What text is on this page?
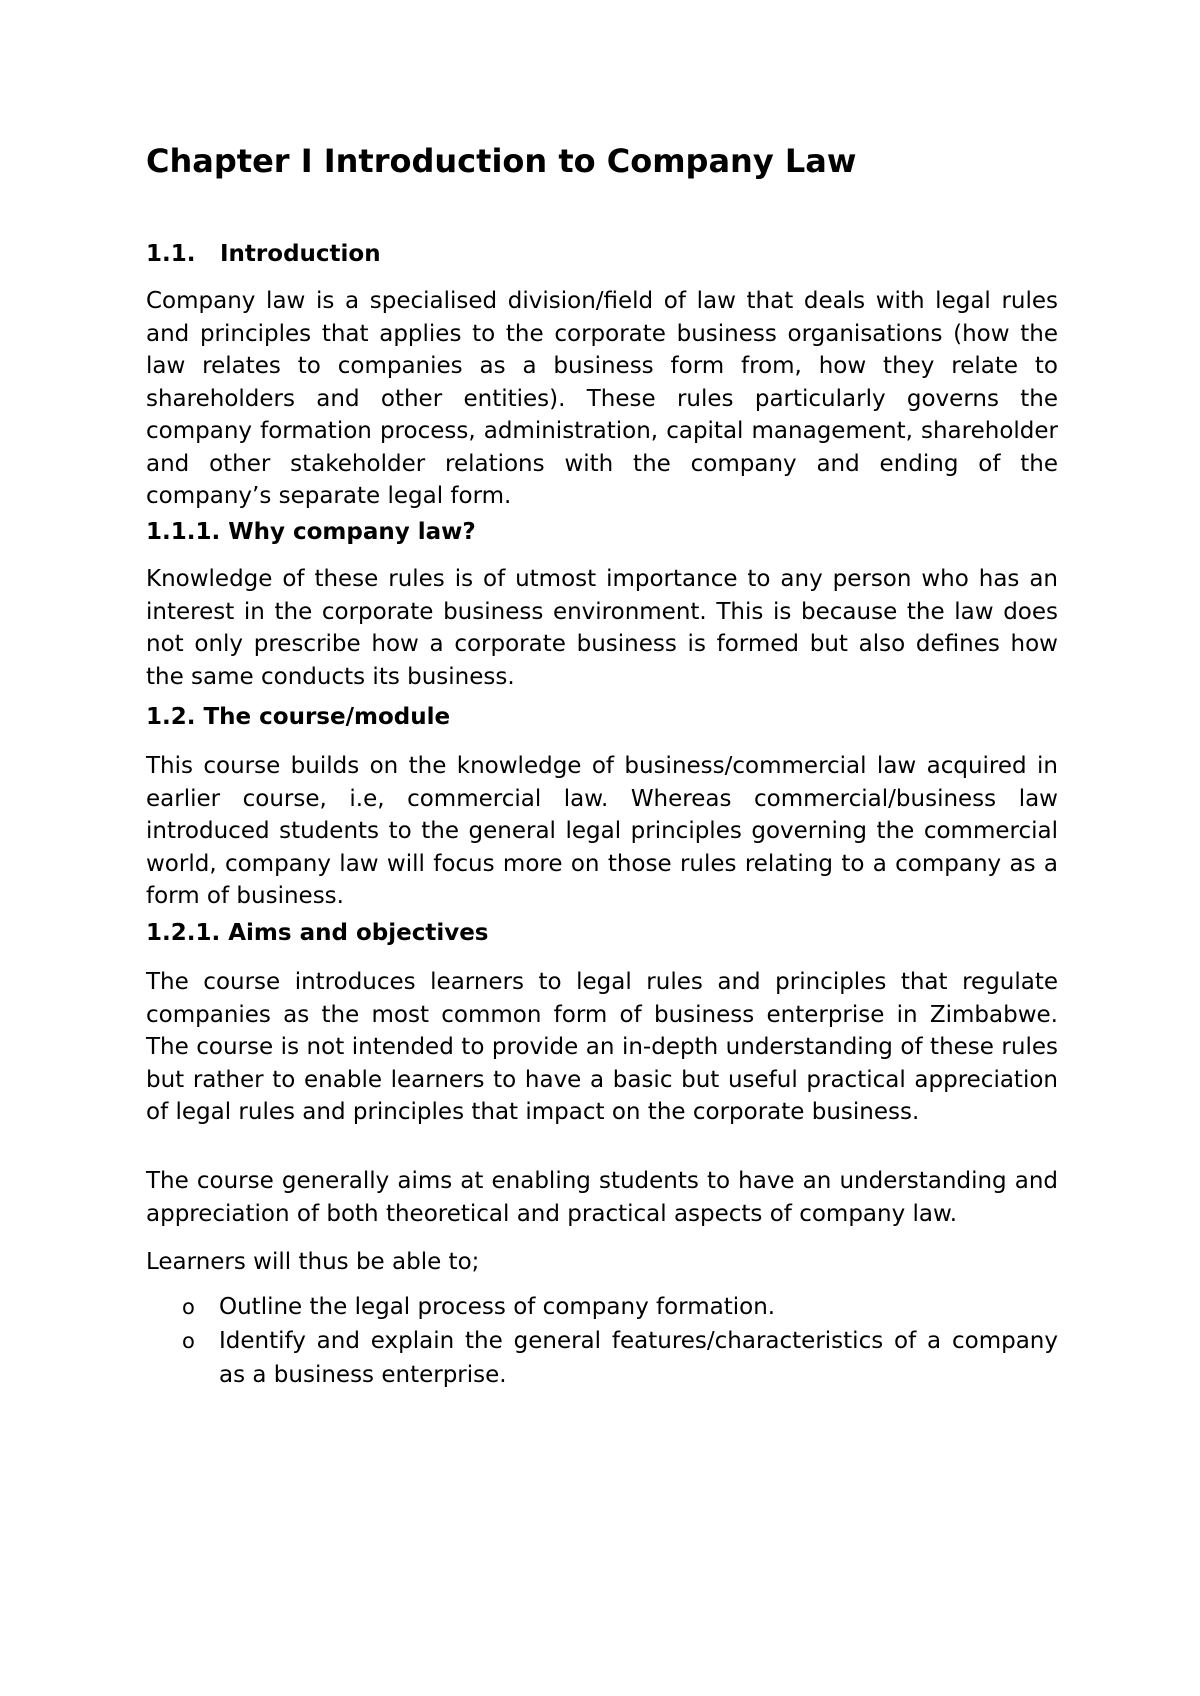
Chapter I Introduction to Company Law
1.1. Introduction

Company law is a specialised division/field of law that deals with legal rules and principles that applies to the corporate business organisations (how the law relates to companies as a business form from, how they relate to shareholders and other entities). These rules particularly governs the company formation process, administration, capital management, shareholder and other stakeholder relations with the company and ending of the company’s separate legal form.

1.1.1. Why company law?

Knowledge of these rules is of utmost importance to any person who has an interest in the corporate business environment. This is because the law does not only prescribe how a corporate business is formed but also defines how the same conducts its business.

1.2. The course/module

This course builds on the knowledge of business/commercial law acquired in earlier course, i.e, commercial law. Whereas commercial/business law introduced students to the general legal principles governing the commercial world, company law will focus more on those rules relating to a company as a form of business.

1.2.1. Aims and objectives

The course introduces learners to legal rules and principles that regulate companies as the most common form of business enterprise in Zimbabwe. The course is not intended to provide an in-depth understanding of these rules but rather to enable learners to have a basic but useful practical appreciation of legal rules and principles that impact on the corporate business.

The course generally aims at enabling students to have an understanding and appreciation of both theoretical and practical aspects of company law.

Learners will thus be able to;

o Outline the legal process of company formation.
o Identify and explain the general features/characteristics of a company as a business enterprise.
